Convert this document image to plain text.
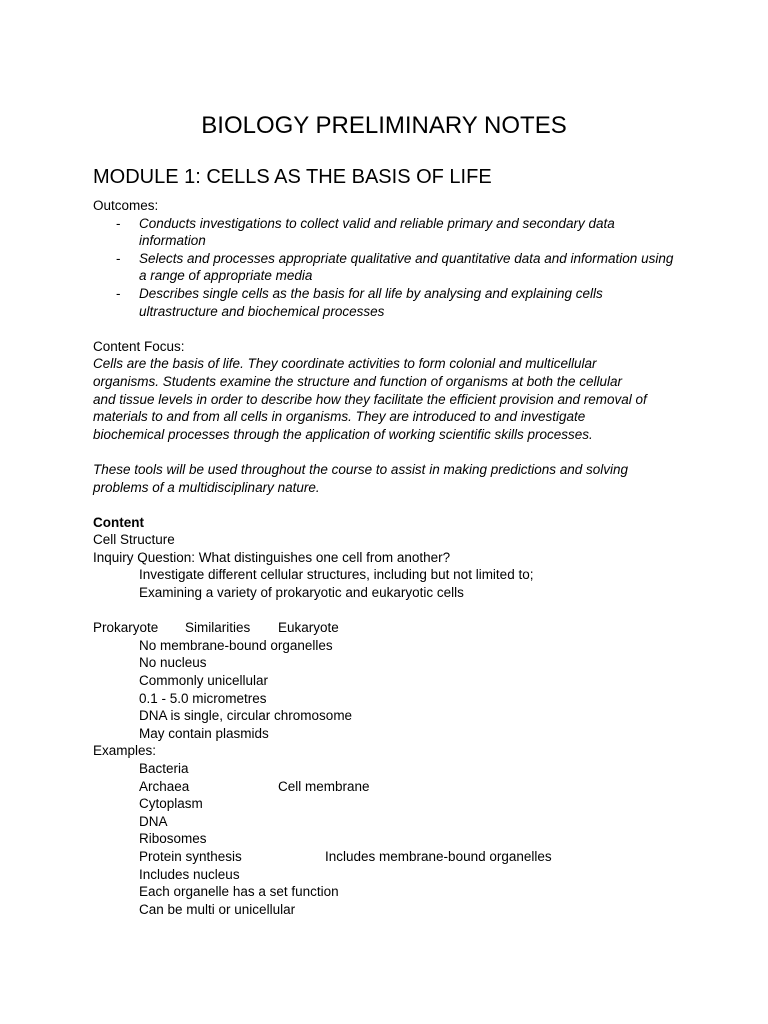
BIOLOGY PRELIMINARY NOTES
MODULE 1: CELLS AS THE BASIS OF LIFE
Outcomes:
- Conducts investigations to collect valid and reliable primary and secondary data information
- Selects and processes appropriate qualitative and quantitative data and information using a range of appropriate media
- Describes single cells as the basis for all life by analysing and explaining cells ultrastructure and biochemical processes
Content Focus:
Cells are the basis of life. They coordinate activities to form colonial and multicellular
organisms. Students examine the structure and function of organisms at both the cellular
and tissue levels in order to describe how they facilitate the efficient provision and removal of
materials to and from all cells in organisms. They are introduced to and investigate
biochemical processes through the application of working scientific skills processes.
These tools will be used throughout the course to assist in making predictions and solving
problems of a multidisciplinary nature.
Content
Cell Structure
Inquiry Question: What distinguishes one cell from another?
Investigate different cellular structures, including but not limited to;
Examining a variety of prokaryotic and eukaryotic cells
Prokaryote Similarities Eukaryote
No membrane-bound organelles
No nucleus
Commonly unicellular
0.1 - 5.0 micrometres
DNA is single, circular chromosome
May contain plasmids
Examples:
Bacteria
Archaea	Cell membrane
Cytoplasm
DNA
Ribosomes
Protein synthesis	Includes membrane-bound organelles
Includes nucleus
Each organelle has a set function
Can be multi or unicellular
